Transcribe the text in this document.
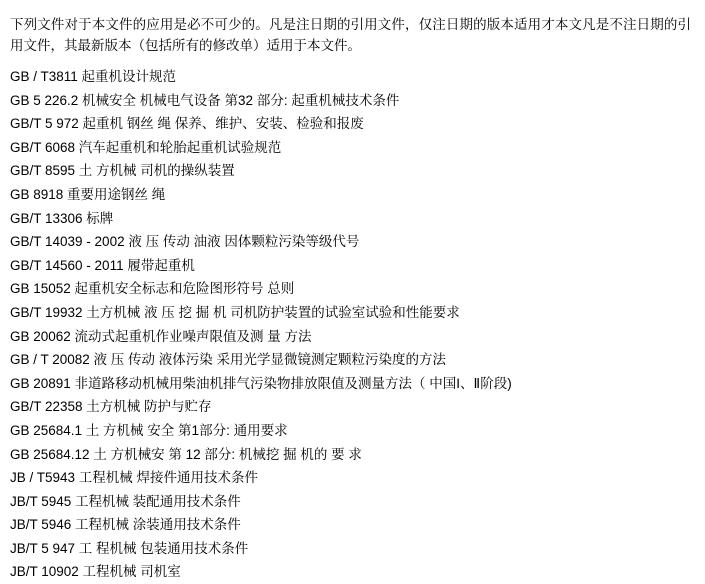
下列文件对于本文件的应用是必不可少的。凡是注日期的引用文件，仅注日期的版本适用才本文凡是不注日期的引用文件，其最新版本（包括所有的修改单）适用于本文件。

GB / T3811 起重机设计规范
GB 5 226.2 机械安全 机械电气设备 第32 部分: 起重机械技术条件
GB/T 5 972 起重机 钢丝 绳 保养、维护、安装、检验和报废
GB/T 6068 汽车起重机和轮胎起重机试验规范
GB/T 8595 土 方机械 司机的操纵装置
GB 8918 重要用途钢丝 绳
GB/T 13306 标牌
GB/T 14039 - 2002 液 压 传动 油液 因体颗粒污染等级代号
GB/T 14560 - 2011 履带起重机
GB 15052 起重机安全标志和危险图形符号 总则
GB/T 19932 土方机械 液 压 挖 掘 机 司机防护装置的试验室试验和性能要求
GB 20062 流动式起重机作业噪声限值及测 量 方法
GB / T 20082 液 压 传动 液体污染 采用光学显微镜测定颗粒污染度的方法
GB 20891 非道路移动机械用柴油机排气污染物排放限值及测量方法（ 中国I、Ⅱ阶段)
GB/T 22358 土方机械 防护与贮存
GB 25684.1 土 方机械 安全 第1部分: 通用要求
GB 25684.12 土 方机械安 第 12 部分: 机械挖 掘 机的 要 求
JB / T5943 工程机械 焊接件通用技术条件
JB/T 5945 工程机械 装配通用技术条件
JB/T 5946 工程机械 涂装通用技术条件
JB/T 5 947 工 程机械 包装通用技术条件
JB/T 10902 工程机械 司机室
